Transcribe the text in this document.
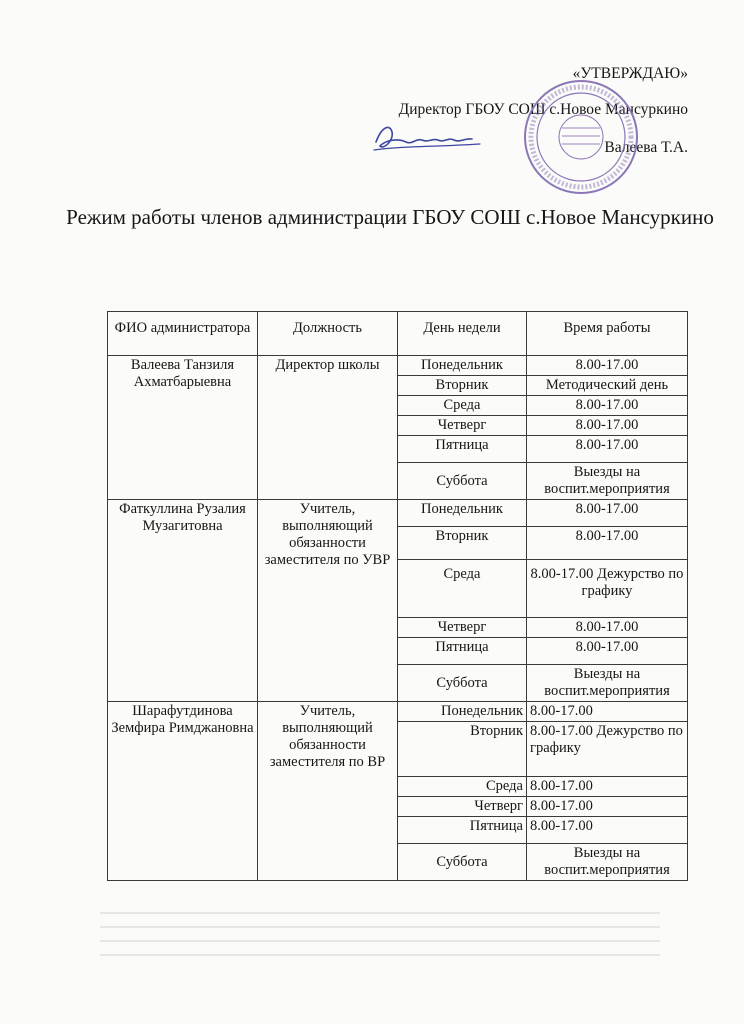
«УТВЕРЖДАЮ»
Директор ГБОУ СОШ с.Новое Мансуркино
Валеева Т.А.
Режим работы членов администрации ГБОУ СОШ с.Новое Мансуркино
ФИО администратора	Должность	День недели	Время работы
Валеева Танзиля Ахматбарыевна	Директор школы	Понедельник	8.00-17.00
		Вторник	Методический день
		Среда	8.00-17.00
		Четверг	8.00-17.00
		Пятница	8.00-17.00
		Суббота	Выезды на воспит.мероприятия
Фаткуллина Рузалия Музагитовна	Учитель, выполняющий обязанности заместителя по УВР	Понедельник	8.00-17.00
		Вторник	8.00-17.00
		Среда	8.00-17.00 Дежурство по графику
		Четверг	8.00-17.00
		Пятница	8.00-17.00
		Суббота	Выезды на воспит.мероприятия
Шарафутдинова Земфира Римджановна	Учитель, выполняющий обязанности заместителя по ВР	Понедельник	8.00-17.00
		Вторник	8.00-17.00 Дежурство по графику
		Среда	8.00-17.00
		Четверг	8.00-17.00
		Пятница	8.00-17.00
		Суббота	Выезды на воспит.мероприятия
